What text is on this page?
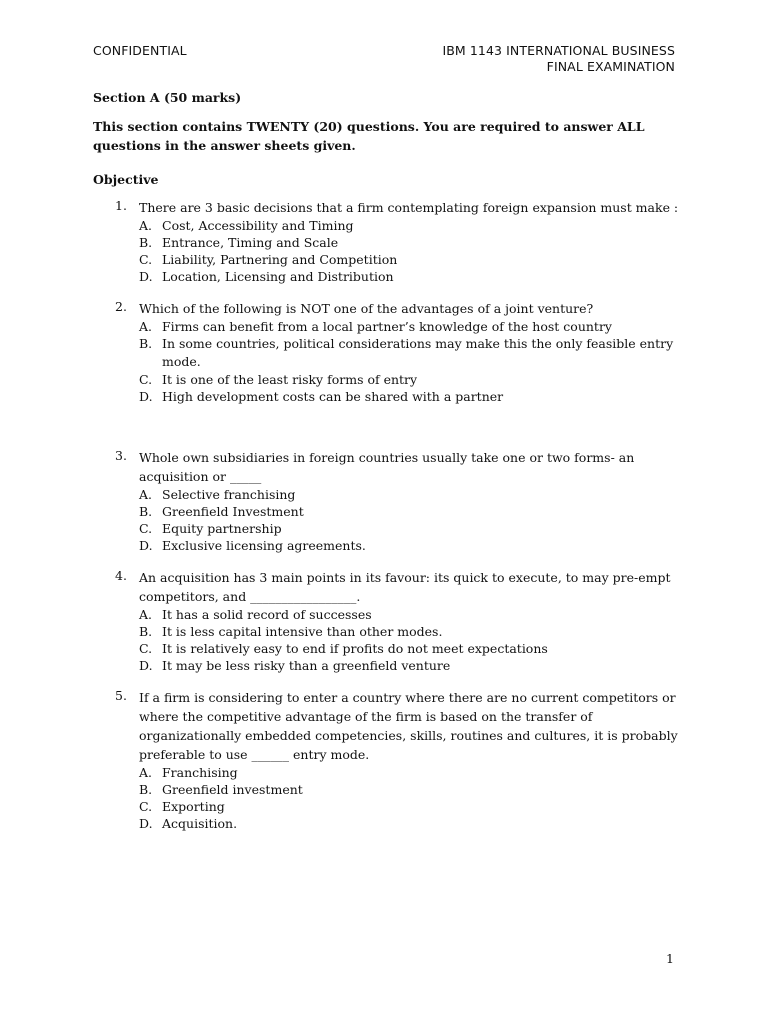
CONFIDENTIAL	IBM 1143 INTERNATIONAL BUSINESS
FINAL EXAMINATION
Section A (50 marks)
This section contains TWENTY (20) questions. You are required to answer ALL questions in the answer sheets given.
Objective
1. There are 3 basic decisions that a firm contemplating foreign expansion must make :
A. Cost, Accessibility and Timing
B. Entrance, Timing and Scale
C. Liability, Partnering and Competition
D. Location, Licensing and Distribution
2. Which of the following is NOT one of the advantages of a joint venture?
A. Firms can benefit from a local partner’s knowledge of the host country
B. In some countries, political considerations may make this the only feasible entry mode.
C. It is one of the least risky forms of entry
D. High development costs can be shared with a partner
3. Whole own subsidiaries in foreign countries usually take one or two forms- an acquisition or _____
A. Selective franchising
B. Greenfield Investment
C. Equity partnership
D. Exclusive licensing agreements.
4. An acquisition has 3 main points in its favour: its quick to execute, to may pre-empt competitors, and _________________.
A. It has a solid record of successes
B. It is less capital intensive than other modes.
C. It is relatively easy to end if profits do not meet expectations
D. It may be less risky than a greenfield venture
5. If a firm is considering to enter a country where there are no current competitors or where the competitive advantage of the firm is based on the transfer of organizationally embedded competencies, skills, routines and cultures, it is probably preferable to use ______ entry mode.
A. Franchising
B. Greenfield investment
C. Exporting
D. Acquisition.
1
